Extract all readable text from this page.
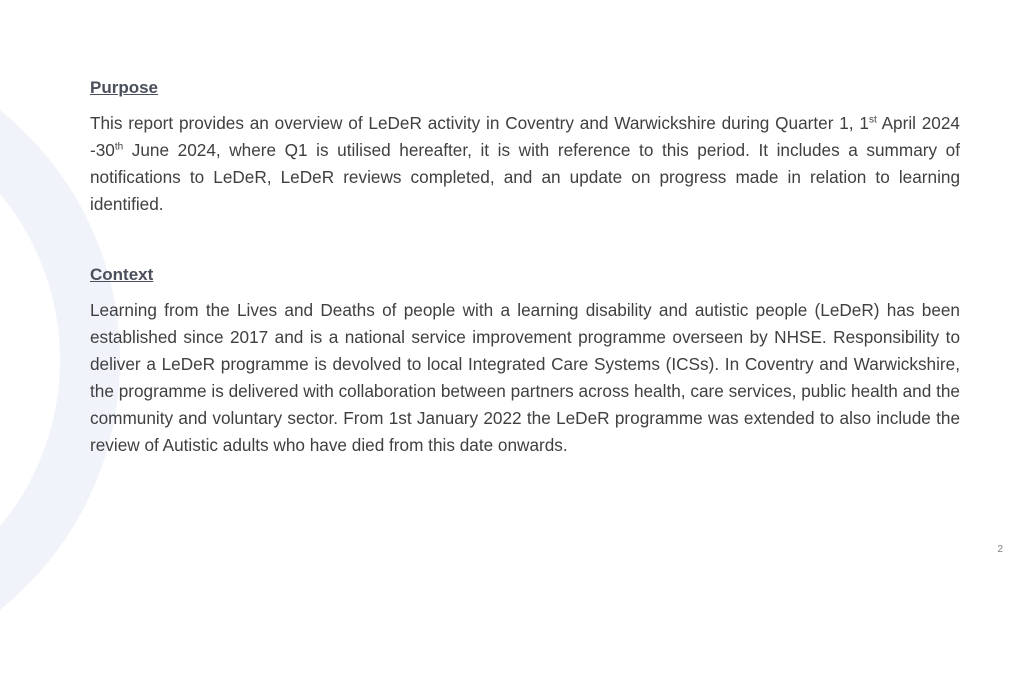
Purpose

This report provides an overview of LeDeR activity in Coventry and Warwickshire during Quarter 1, 1st April 2024 -30th June 2024, where Q1 is utilised hereafter, it is with reference to this period. It includes a summary of notifications to LeDeR, LeDeR reviews completed, and an update on progress made in relation to learning identified.

Context

Learning from the Lives and Deaths of people with a learning disability and autistic people (LeDeR) has been established since 2017 and is a national service improvement programme overseen by NHSE. Responsibility to deliver a LeDeR programme is devolved to local Integrated Care Systems (ICSs). In Coventry and Warwickshire, the programme is delivered with collaboration between partners across health, care services, public health and the community and voluntary sector. From 1st January 2022 the LeDeR programme was extended to also include the review of Autistic adults who have died from this date onwards.

2
